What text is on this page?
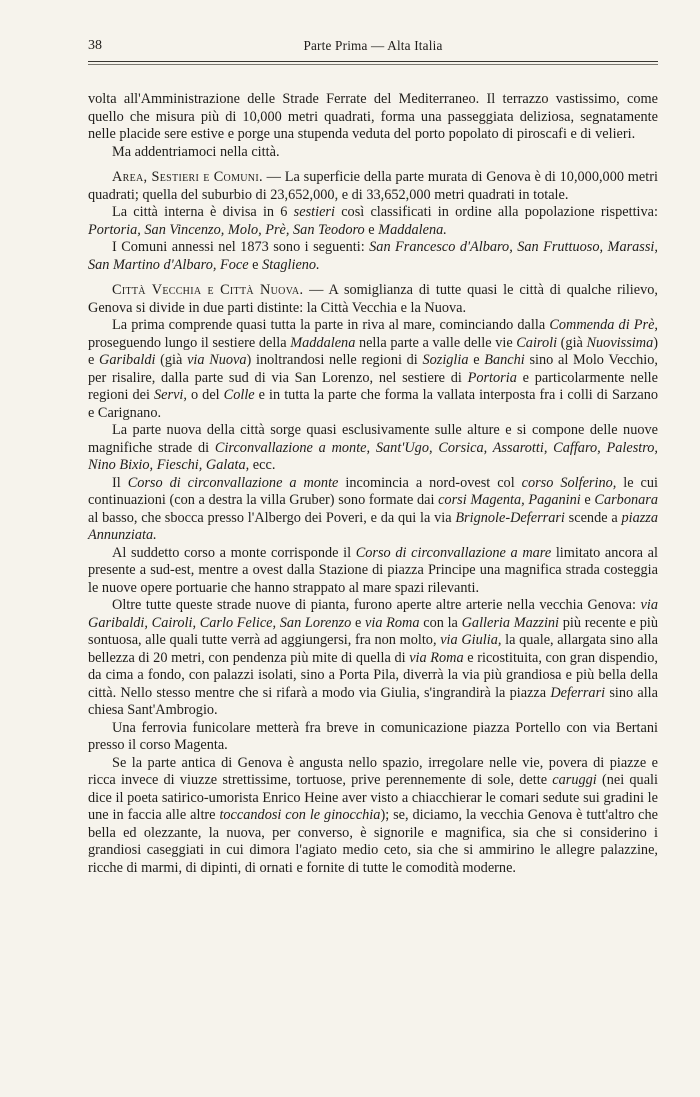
38	Parte Prima — Alta Italia

volta all'Amministrazione delle Strade Ferrate del Mediterraneo. Il terrazzo vastissimo, come quello che misura più di 10,000 metri quadrati, forma una passeggiata deliziosa, segnatamente nelle placide sere estive e porge una stupenda veduta del porto popolato di piroscafi e di velieri.

Ma addentriamoci nella città.

Area, Sestieri e Comuni. — La superficie della parte murata di Genova è di 10,000,000 metri quadrati; quella del suburbio di 23,652,000, e di 33,652,000 metri quadrati in totale.

La città interna è divisa in 6 sestieri così classificati in ordine alla popolazione rispettiva: Portoria, San Vincenzo, Molo, Prè, San Teodoro e Maddalena.

I Comuni annessi nel 1873 sono i seguenti: San Francesco d'Albaro, San Fruttuoso, Marassi, San Martino d'Albaro, Foce e Staglieno.

Città Vecchia e Città Nuova. — A somiglianza di tutte quasi le città di qualche rilievo, Genova si divide in due parti distinte: la Città Vecchia e la Nuova.

La prima comprende quasi tutta la parte in riva al mare, cominciando dalla Commenda di Prè, proseguendo lungo il sestiere della Maddalena nella parte a valle delle vie Cairoli (già Nuovissima) e Garibaldi (già via Nuova) inoltrandosi nelle regioni di Soziglia e Banchi sino al Molo Vecchio, per risalire, dalla parte sud di via San Lorenzo, nel sestiere di Portoria e particolarmente nelle regioni dei Servi, o del Colle e in tutta la parte che forma la vallata interposta fra i colli di Sarzano e Carignano.

La parte nuova della città sorge quasi esclusivamente sulle alture e si compone delle nuove magnifiche strade di Circonvallazione a monte, Sant'Ugo, Corsica, Assarotti, Caffaro, Palestro, Nino Bixio, Fieschi, Galata, ecc.

Il Corso di circonvallazione a monte incomincia a nord-ovest col corso Solferino, le cui continuazioni (con a destra la villa Gruber) sono formate dai corsi Magenta, Paganini e Carbonara al basso, che sbocca presso l'Albergo dei Poveri, e da qui la via Brignole-Deferrari scende a piazza Annunziata.

Al suddetto corso a monte corrisponde il Corso di circonvallazione a mare limitato ancora al presente a sud-est, mentre a ovest dalla Stazione di piazza Principe una magnifica strada costeggia le nuove opere portuarie che hanno strappato al mare spazi rilevanti.

Oltre tutte queste strade nuove di pianta, furono aperte altre arterie nella vecchia Genova: via Garibaldi, Cairoli, Carlo Felice, San Lorenzo e via Roma con la Galleria Mazzini più recente e più sontuosa, alle quali tutte verrà ad aggiungersi, fra non molto, via Giulia, la quale, allargata sino alla bellezza di 20 metri, con pendenza più mite di quella di via Roma e ricostituita, con gran dispendio, da cima a fondo, con palazzi isolati, sino a Porta Pila, diverrà la via più grandiosa e più bella della città. Nello stesso mentre che si rifarà a modo via Giulia, s'ingrandirà la piazza Deferrari sino alla chiesa Sant'Ambrogio.

Una ferrovia funicolare metterà fra breve in comunicazione piazza Portello con via Bertani presso il corso Magenta.

Se la parte antica di Genova è angusta nello spazio, irregolare nelle vie, povera di piazze e ricca invece di viuzze strettissime, tortuose, prive perennemente di sole, dette caruggi (nei quali dice il poeta satirico-umorista Enrico Heine aver visto a chiacchierar le comari sedute sui gradini le une in faccia alle altre toccandosi con le ginocchia); se, diciamo, la vecchia Genova è tutt'altro che bella ed olezzante, la nuova, per converso, è signorile e magnifica, sia che si considerino i grandiosi caseggiati in cui dimora l'agiato medio ceto, sia che si ammirino le allegre palazzine, ricche di marmi, di dipinti, di ornati e fornite di tutte le comodità moderne.
